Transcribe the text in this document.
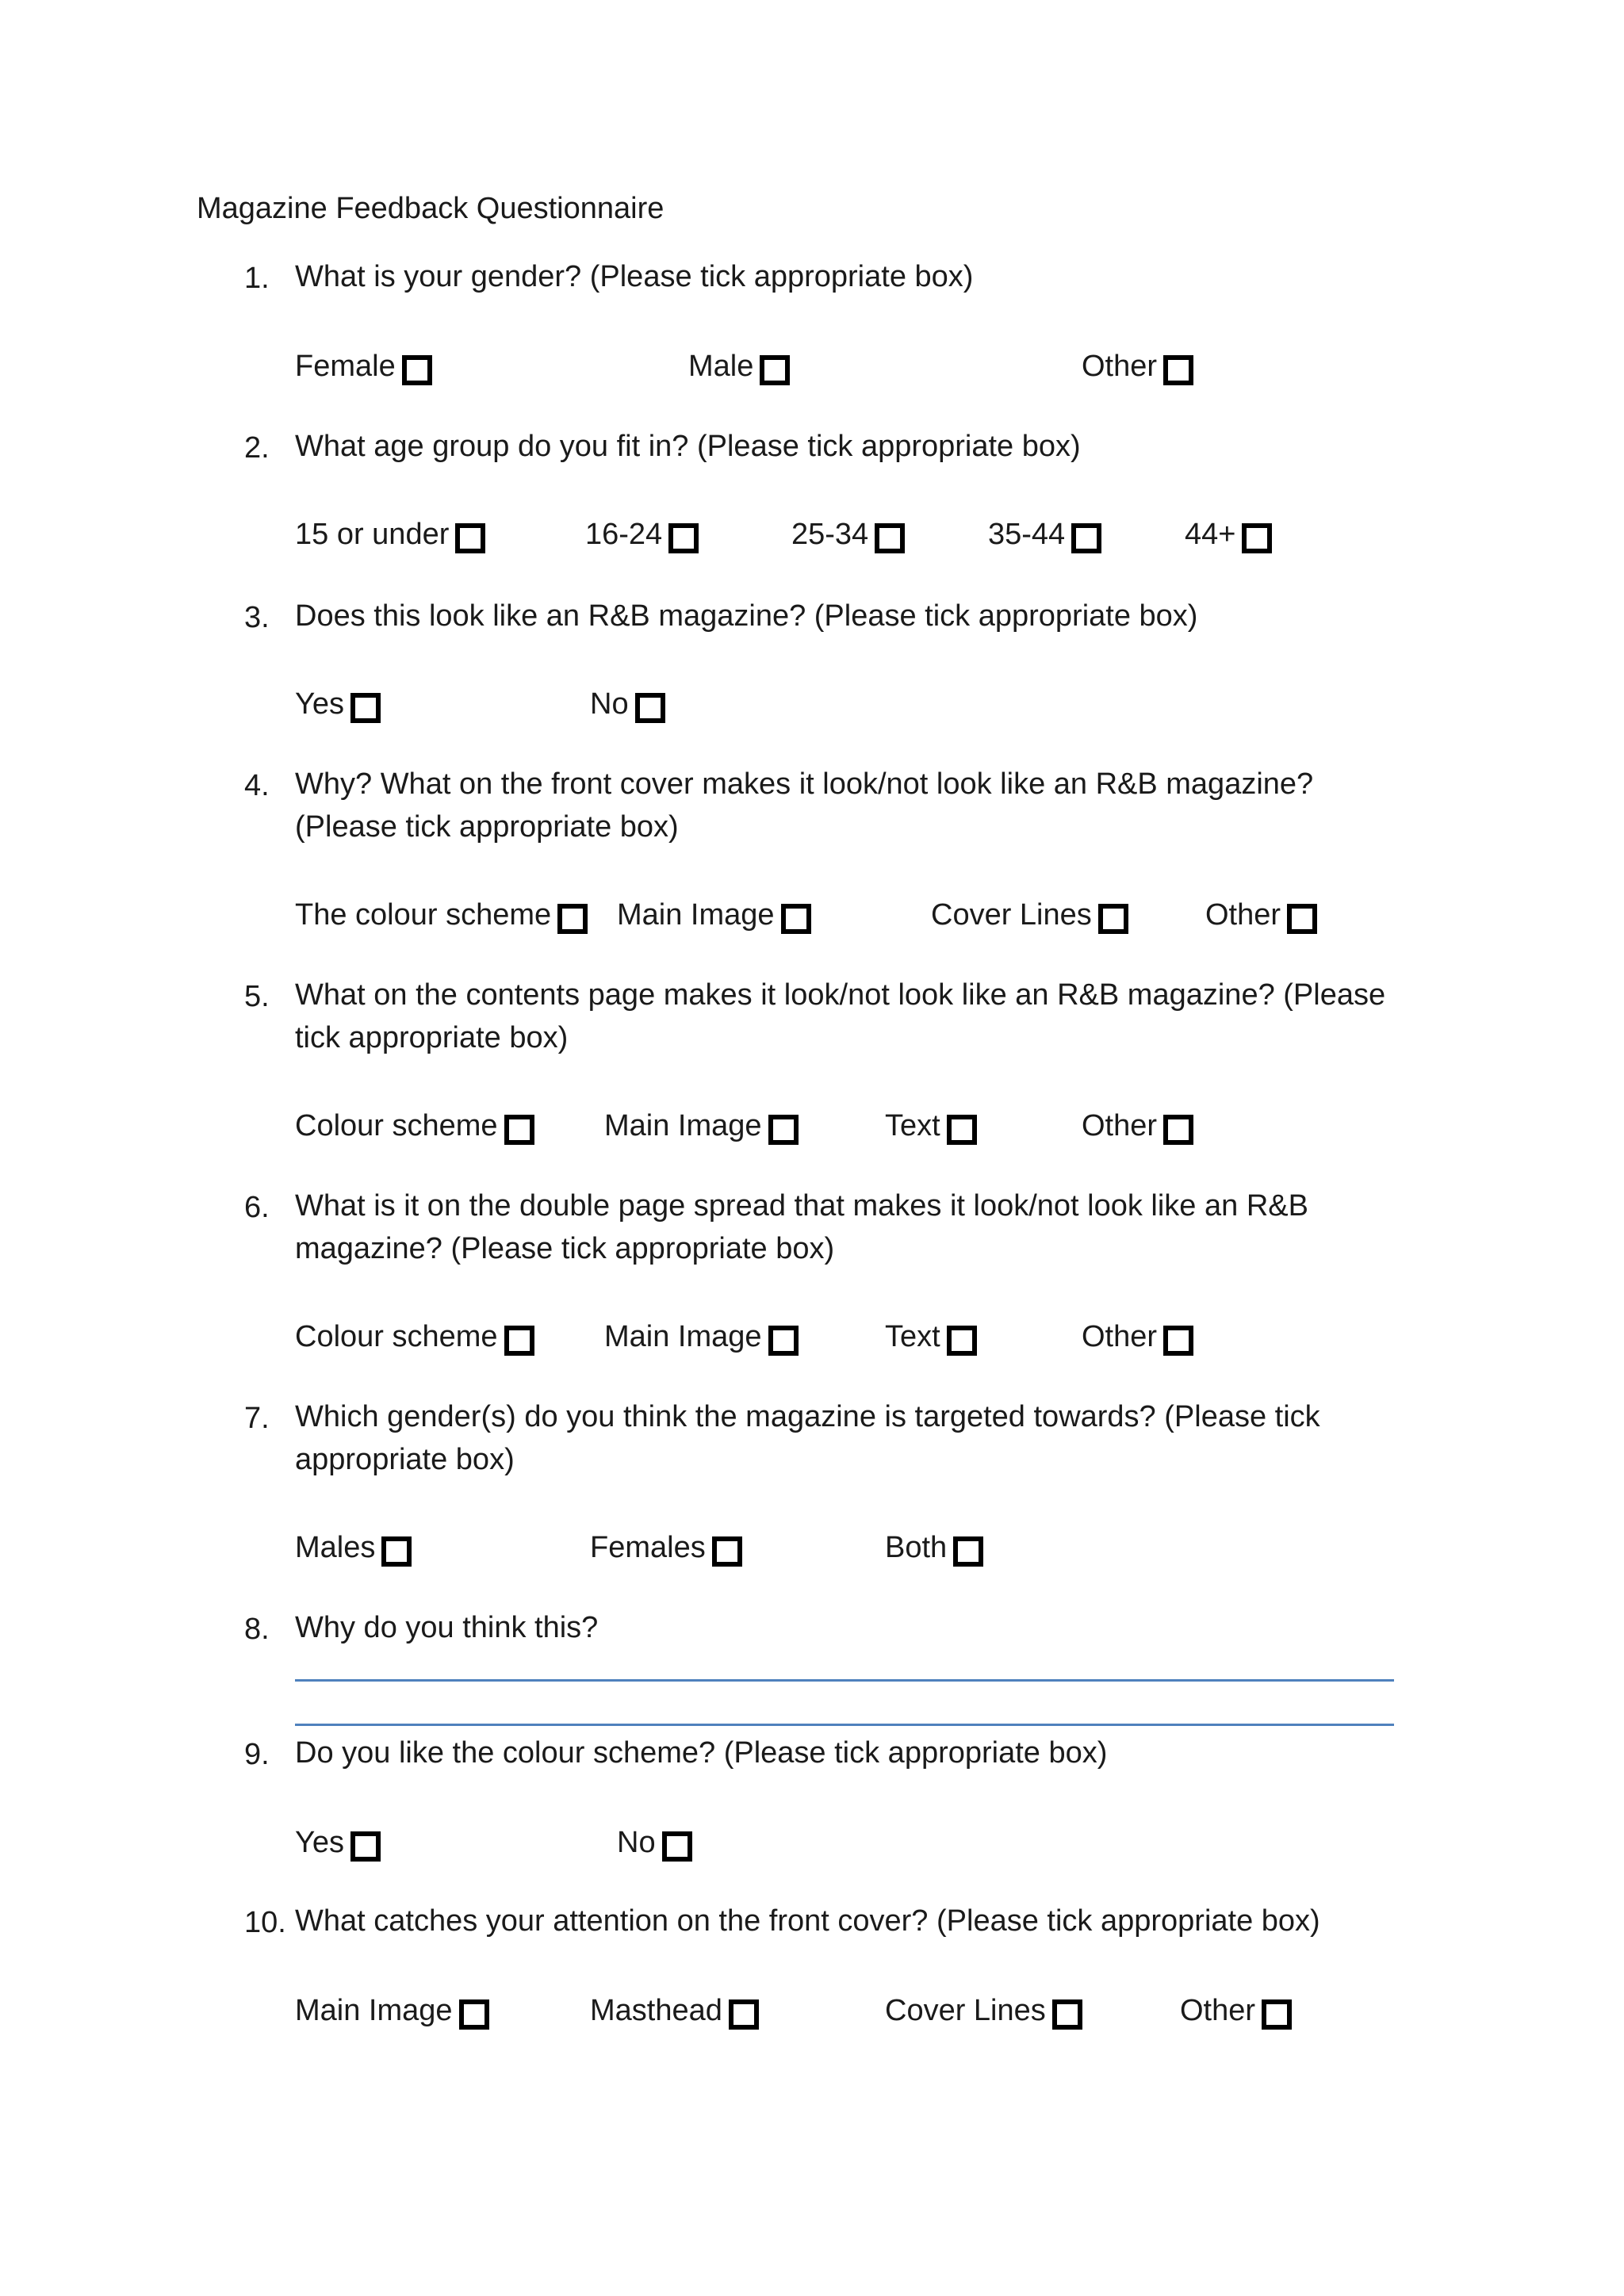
Magazine Feedback Questionnaire
1. What is your gender? (Please tick appropriate box)
Female	Male	Other
2. What age group do you fit in? (Please tick appropriate box)
15 or under	16-24	25-34	35-44	44+
3. Does this look like an R&B magazine? (Please tick appropriate box)
Yes	No
4. Why? What on the front cover makes it look/not look like an R&B magazine? (Please tick appropriate box)
The colour scheme Main Image	Cover Lines	Other
5. What on the contents page makes it look/not look like an R&B magazine? (Please tick appropriate box)
Colour scheme	Main Image	Text	Other
6. What is it on the double page spread that makes it look/not look like an R&B magazine? (Please tick appropriate box)
Colour scheme	Main Image	Text	Other
7. Which gender(s) do you think the magazine is targeted towards? (Please tick appropriate box)
Males	Females	Both
8. Why do you think this?
9. Do you like the colour scheme? (Please tick appropriate box)
Yes	No
10. What catches your attention on the front cover? (Please tick appropriate box)
Main Image	Masthead	Cover Lines	Other
